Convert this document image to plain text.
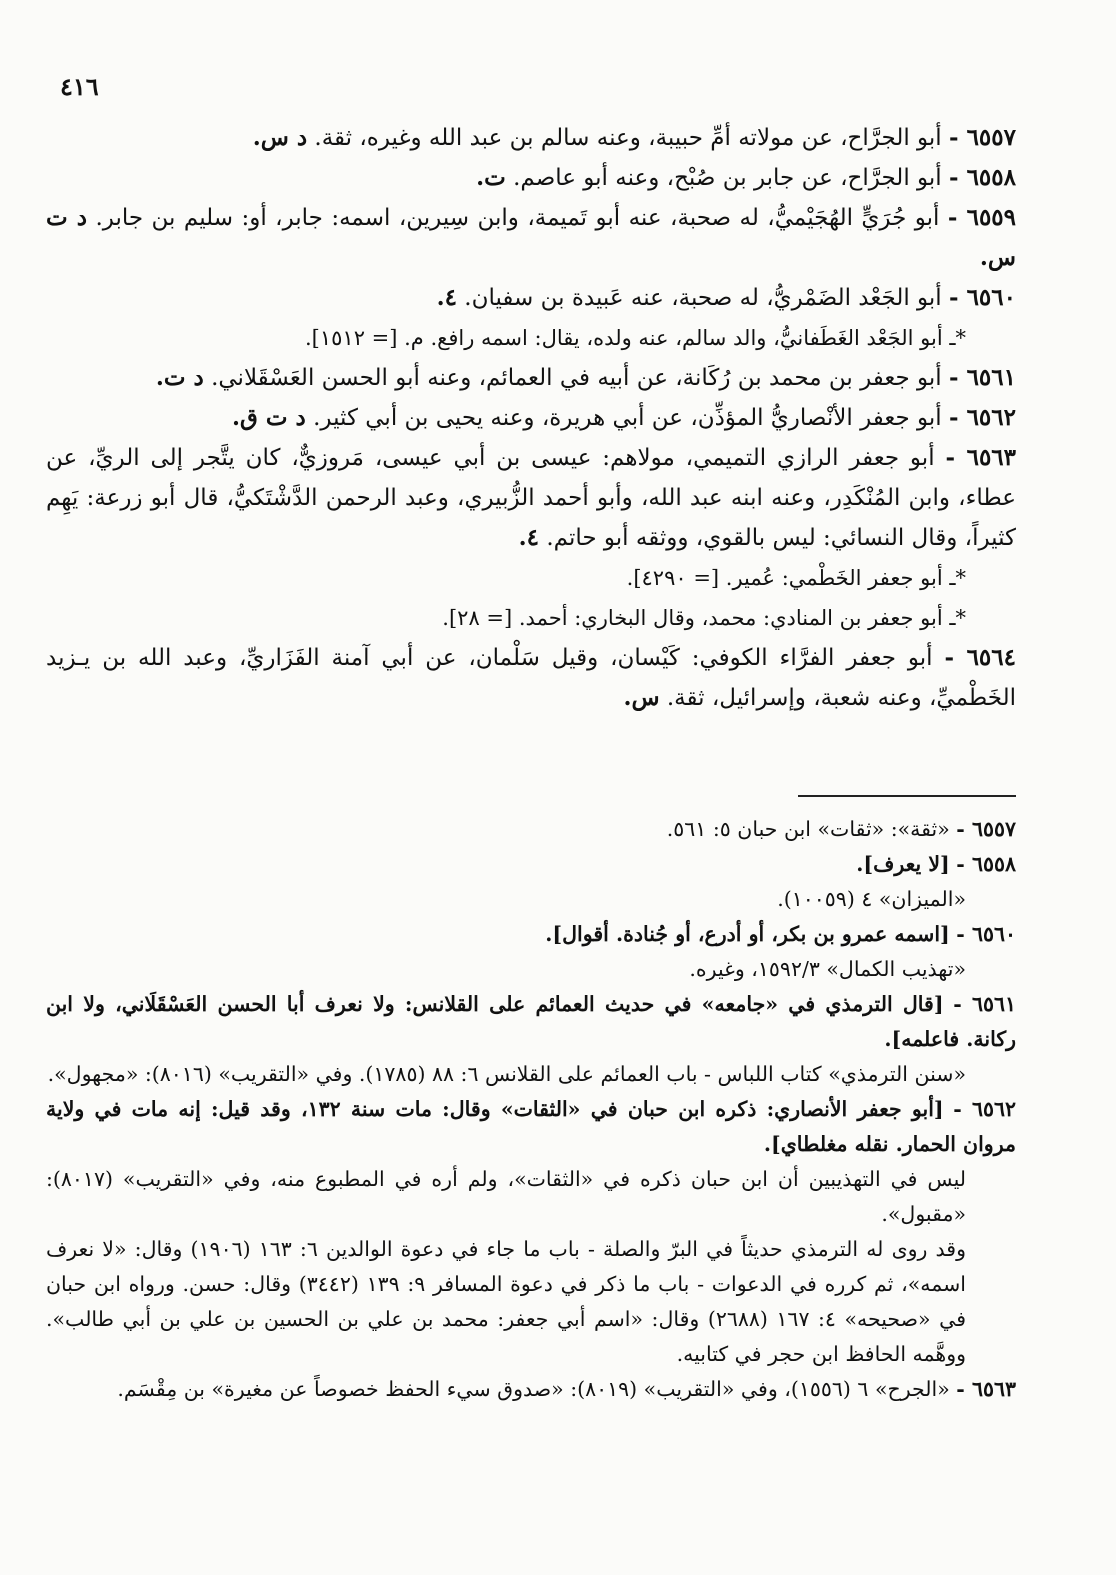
٤١٦

٦٥٥٧ - أبو الجرَّاح، عن مولاته أمِّ حبيبة، وعنه سالم بن عبد الله وغيره، ثقة. د س.

٦٥٥٨ - أبو الجرَّاح، عن جابر بن صُبْح، وعنه أبو عاصم. ت.

٦٥٥٩ - أبو جُرَيٍّ الهُجَيْميُّ، له صحبة، عنه أبو تَميمة، وابن سِيرين، اسمه: جابر، أو: سليم بن جابر. د ت س.

٦٥٦٠ - أبو الجَعْد الضَمْريُّ، له صحبة، عنه عَبيدة بن سفيان. ٤.

*ـ أبو الجَعْد الغَطَفانيُّ، والد سالم، عنه ولده، يقال: اسمه رافع. م. [= ١٥١٢].

٦٥٦١ - أبو جعفر بن محمد بن رُكَانة، عن أبيه في العمائم، وعنه أبو الحسن العَسْقَلاني. د ت.

٦٥٦٢ - أبو جعفر الأنْصاريُّ المؤذِّن، عن أبي هريرة، وعنه يحيى بن أبي كثير. د ت ق.

٦٥٦٣ - أبو جعفر الرازي التميمي، مولاهم: عيسى بن أبي عيسى، مَروزيٌّ، كان يتَّجر إلى الريِّ، عن عطاء، وابن المُنْكَدِر، وعنه ابنه عبد الله، وأبو أحمد الزُّبيري، وعبد الرحمن الدَّشْتَكيُّ، قال أبو زرعة: يَهِم كثيراً، وقال النسائي: ليس بالقوي، ووثقه أبو حاتم. ٤.

*ـ أبو جعفر الخَطْمي: عُمير. [= ٤٢٩٠].

*ـ أبو جعفر بن المنادي: محمد، وقال البخاري: أحمد. [= ٢٨].

٦٥٦٤ - أبو جعفر الفرَّاء الكوفي: كَيْسان، وقيل سَلْمان، عن أبي آمنة الفَزَاريِّ، وعبد الله بن يـزيد الخَطْميِّ، وعنه شعبة، وإسرائيل، ثقة. س.

٦٥٥٧ - «ثقة»: «ثقات» ابن حبان ٥: ٥٦١.

٦٥٥٨ - [لا يعرف].

«الميزان» ٤ (١٠٠٥٩).

٦٥٦٠ - [اسمه عمرو بن بكر، أو أدرع، أو جُنادة. أقوال].

«تهذيب الكمال» ١٥٩٢/٣، وغيره.

٦٥٦١ - [قال الترمذي في «جامعه» في حديث العمائم على القلانس: ولا نعرف أبا الحسن العَسْقَلَاني، ولا ابن ركانة. فاعلمه].

«سنن الترمذي» كتاب اللباس - باب العمائم على القلانس ٦: ٨٨ (١٧٨٥). وفي «التقريب» (٨٠١٦): «مجهول».

٦٥٦٢ - [أبو جعفر الأنصاري: ذكره ابن حبان في «الثقات» وقال: مات سنة ١٣٢، وقد قيل: إنه مات في ولاية مروان الحمار. نقله مغلطاي].

ليس في التهذيبين أن ابن حبان ذكره في «الثقات»، ولم أره في المطبوع منه، وفي «التقريب» (٨٠١٧): «مقبول».

وقد روى له الترمذي حديثاً في البرّ والصلة - باب ما جاء في دعوة الوالدين ٦: ١٦٣ (١٩٠٦) وقال: «لا نعرف اسمه»، ثم كرره في الدعوات - باب ما ذكر في دعوة المسافر ٩: ١٣٩ (٣٤٤٢) وقال: حسن. ورواه ابن حبان في «صحيحه» ٤: ١٦٧ (٢٦٨٨) وقال: «اسم أبي جعفر: محمد بن علي بن الحسين بن علي بن أبي طالب». ووهَّمه الحافظ ابن حجر في كتابيه.

٦٥٦٣ - «الجرح» ٦ (١٥٥٦)، وفي «التقريب» (٨٠١٩): «صدوق سيء الحفظ خصوصاً عن مغيرة» بن مِقْسَم.
